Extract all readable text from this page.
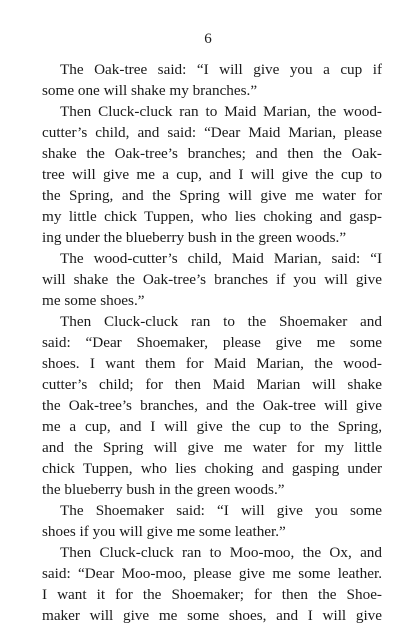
6
The Oak-tree said: “I will give you a cup if
some one will shake my branches.”
Then Cluck-cluck ran to Maid Marian, the wood-
cutter’s child, and said: “Dear Maid Marian, please
shake the Oak-tree’s branches; and then the Oak-
tree will give me a cup, and I will give the cup to
the Spring, and the Spring will give me water for
my little chick Tuppen, who lies choking and gasp-
ing under the blueberry bush in the green woods.”
The wood-cutter’s child, Maid Marian, said: “I
will shake the Oak-tree’s branches if you will give
me some shoes.”
Then Cluck-cluck ran to the Shoemaker and
said: “Dear Shoemaker, please give me some
shoes. I want them for Maid Marian, the wood-
cutter’s child; for then Maid Marian will shake
the Oak-tree’s branches, and the Oak-tree will give
me a cup, and I will give the cup to the Spring,
and the Spring will give me water for my little
chick Tuppen, who lies choking and gasping under
the blueberry bush in the green woods.”
The Shoemaker said: “I will give you some
shoes if you will give me some leather.”
Then Cluck-cluck ran to Moo-moo, the Ox, and
said: “Dear Moo-moo, please give me some leather.
I want it for the Shoemaker; for then the Shoe-
maker will give me some shoes, and I will give
